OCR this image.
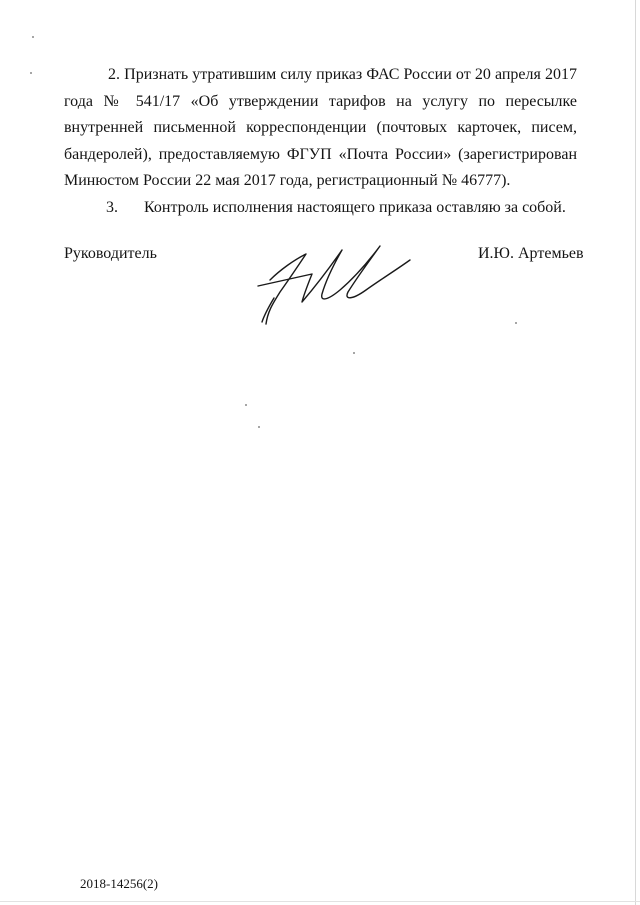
2. Признать утратившим силу приказ ФАС России от 20 апреля 2017 года № 541/17 «Об утверждении тарифов на услугу по пересылке внутренней письменной корреспонденции (почтовых карточек, писем, бандеролей), предоставляемую ФГУП «Почта России» (зарегистрирован Минюстом России 22 мая 2017 года, регистрационный № 46777).

3. Контроль исполнения настоящего приказа оставляю за собой.

Руководитель	И.Ю. Артемьев

2018-14256(2)
